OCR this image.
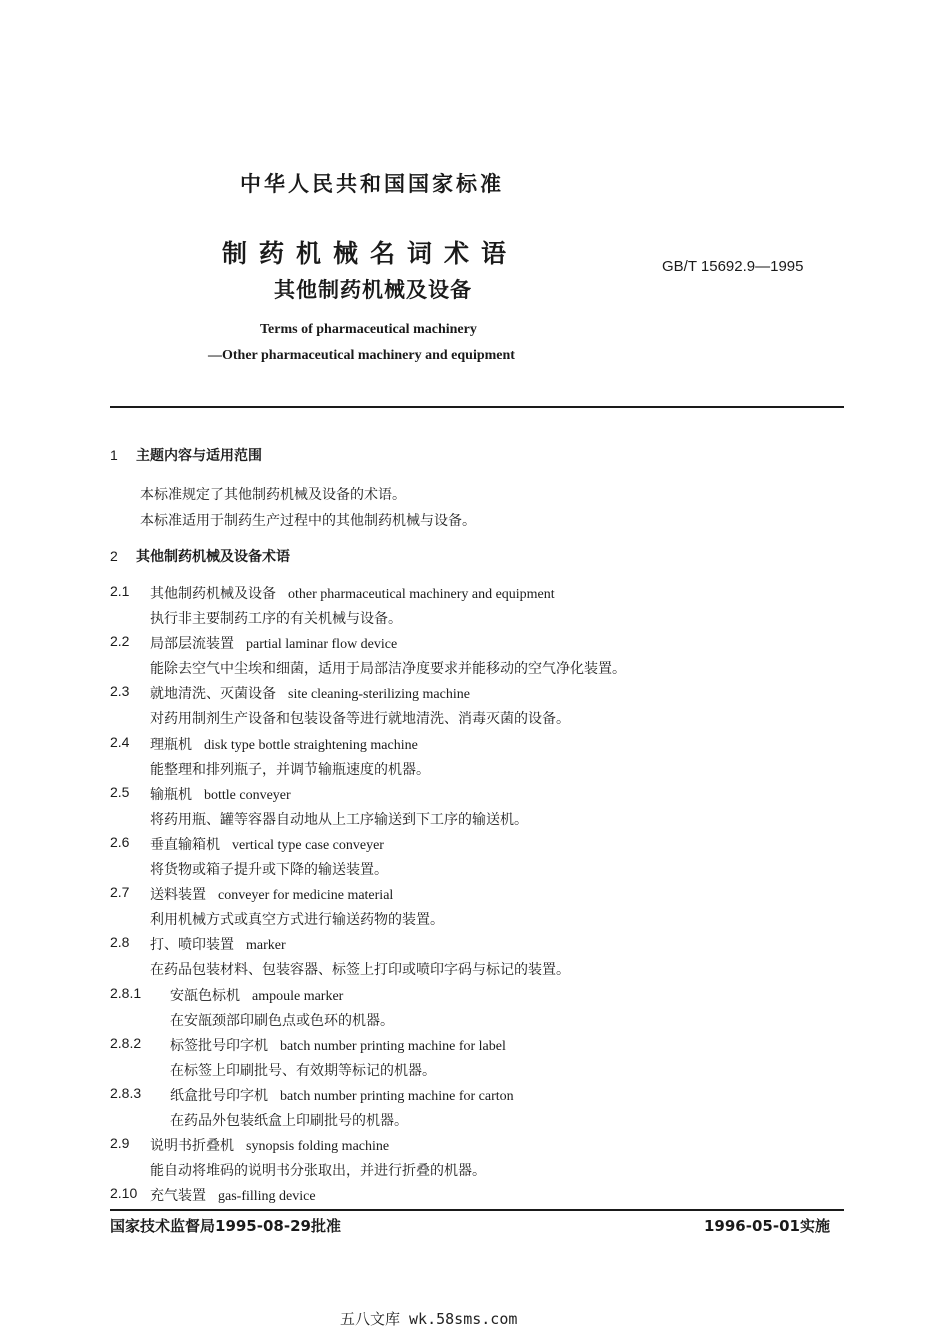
中华人民共和国国家标准
制药机械名词术语
其他制药机械及设备
GB/T 15692.9—1995
Terms of pharmaceutical machinery
—Other pharmaceutical machinery and equipment
1 主题内容与适用范围
本标准规定了其他制药机械及设备的术语。
本标准适用于制药生产过程中的其他制药机械与设备。
2 其他制药机械及设备术语
2.1 其他制药机械及设备 other pharmaceutical machinery and equipment
执行非主要制药工序的有关机械与设备。
2.2 局部层流装置 partial laminar flow device
能除去空气中尘埃和细菌，适用于局部洁净度要求并能移动的空气净化装置。
2.3 就地清洗、灭菌设备 site cleaning-sterilizing machine
对药用制剂生产设备和包装设备等进行就地清洗、消毒灭菌的设备。
2.4 理瓶机 disk type bottle straightening machine
能整理和排列瓶子，并调节输瓶速度的机器。
2.5 输瓶机 bottle conveyer
将药用瓶、罐等容器自动地从上工序输送到下工序的输送机。
2.6 垂直输箱机 vertical type case conveyer
将货物或箱子提升或下降的输送装置。
2.7 送料装置 conveyer for medicine material
利用机械方式或真空方式进行输送药物的装置。
2.8 打、喷印装置 marker
在药品包装材料、包装容器、标签上打印或喷印字码与标记的装置。
2.8.1 安瓿色标机 ampoule marker
在安瓿颈部印刷色点或色环的机器。
2.8.2 标签批号印字机 batch number printing machine for label
在标签上印刷批号、有效期等标记的机器。
2.8.3 纸盒批号印字机 batch number printing machine for carton
在药品外包装纸盒上印刷批号的机器。
2.9 说明书折叠机 synopsis folding machine
能自动将堆码的说明书分张取出，并进行折叠的机器。
2.10 充气装置 gas-filling device
国家技术监督局1995-08-29批准	1996-05-01实施
五八文库 wk.58sms.com
